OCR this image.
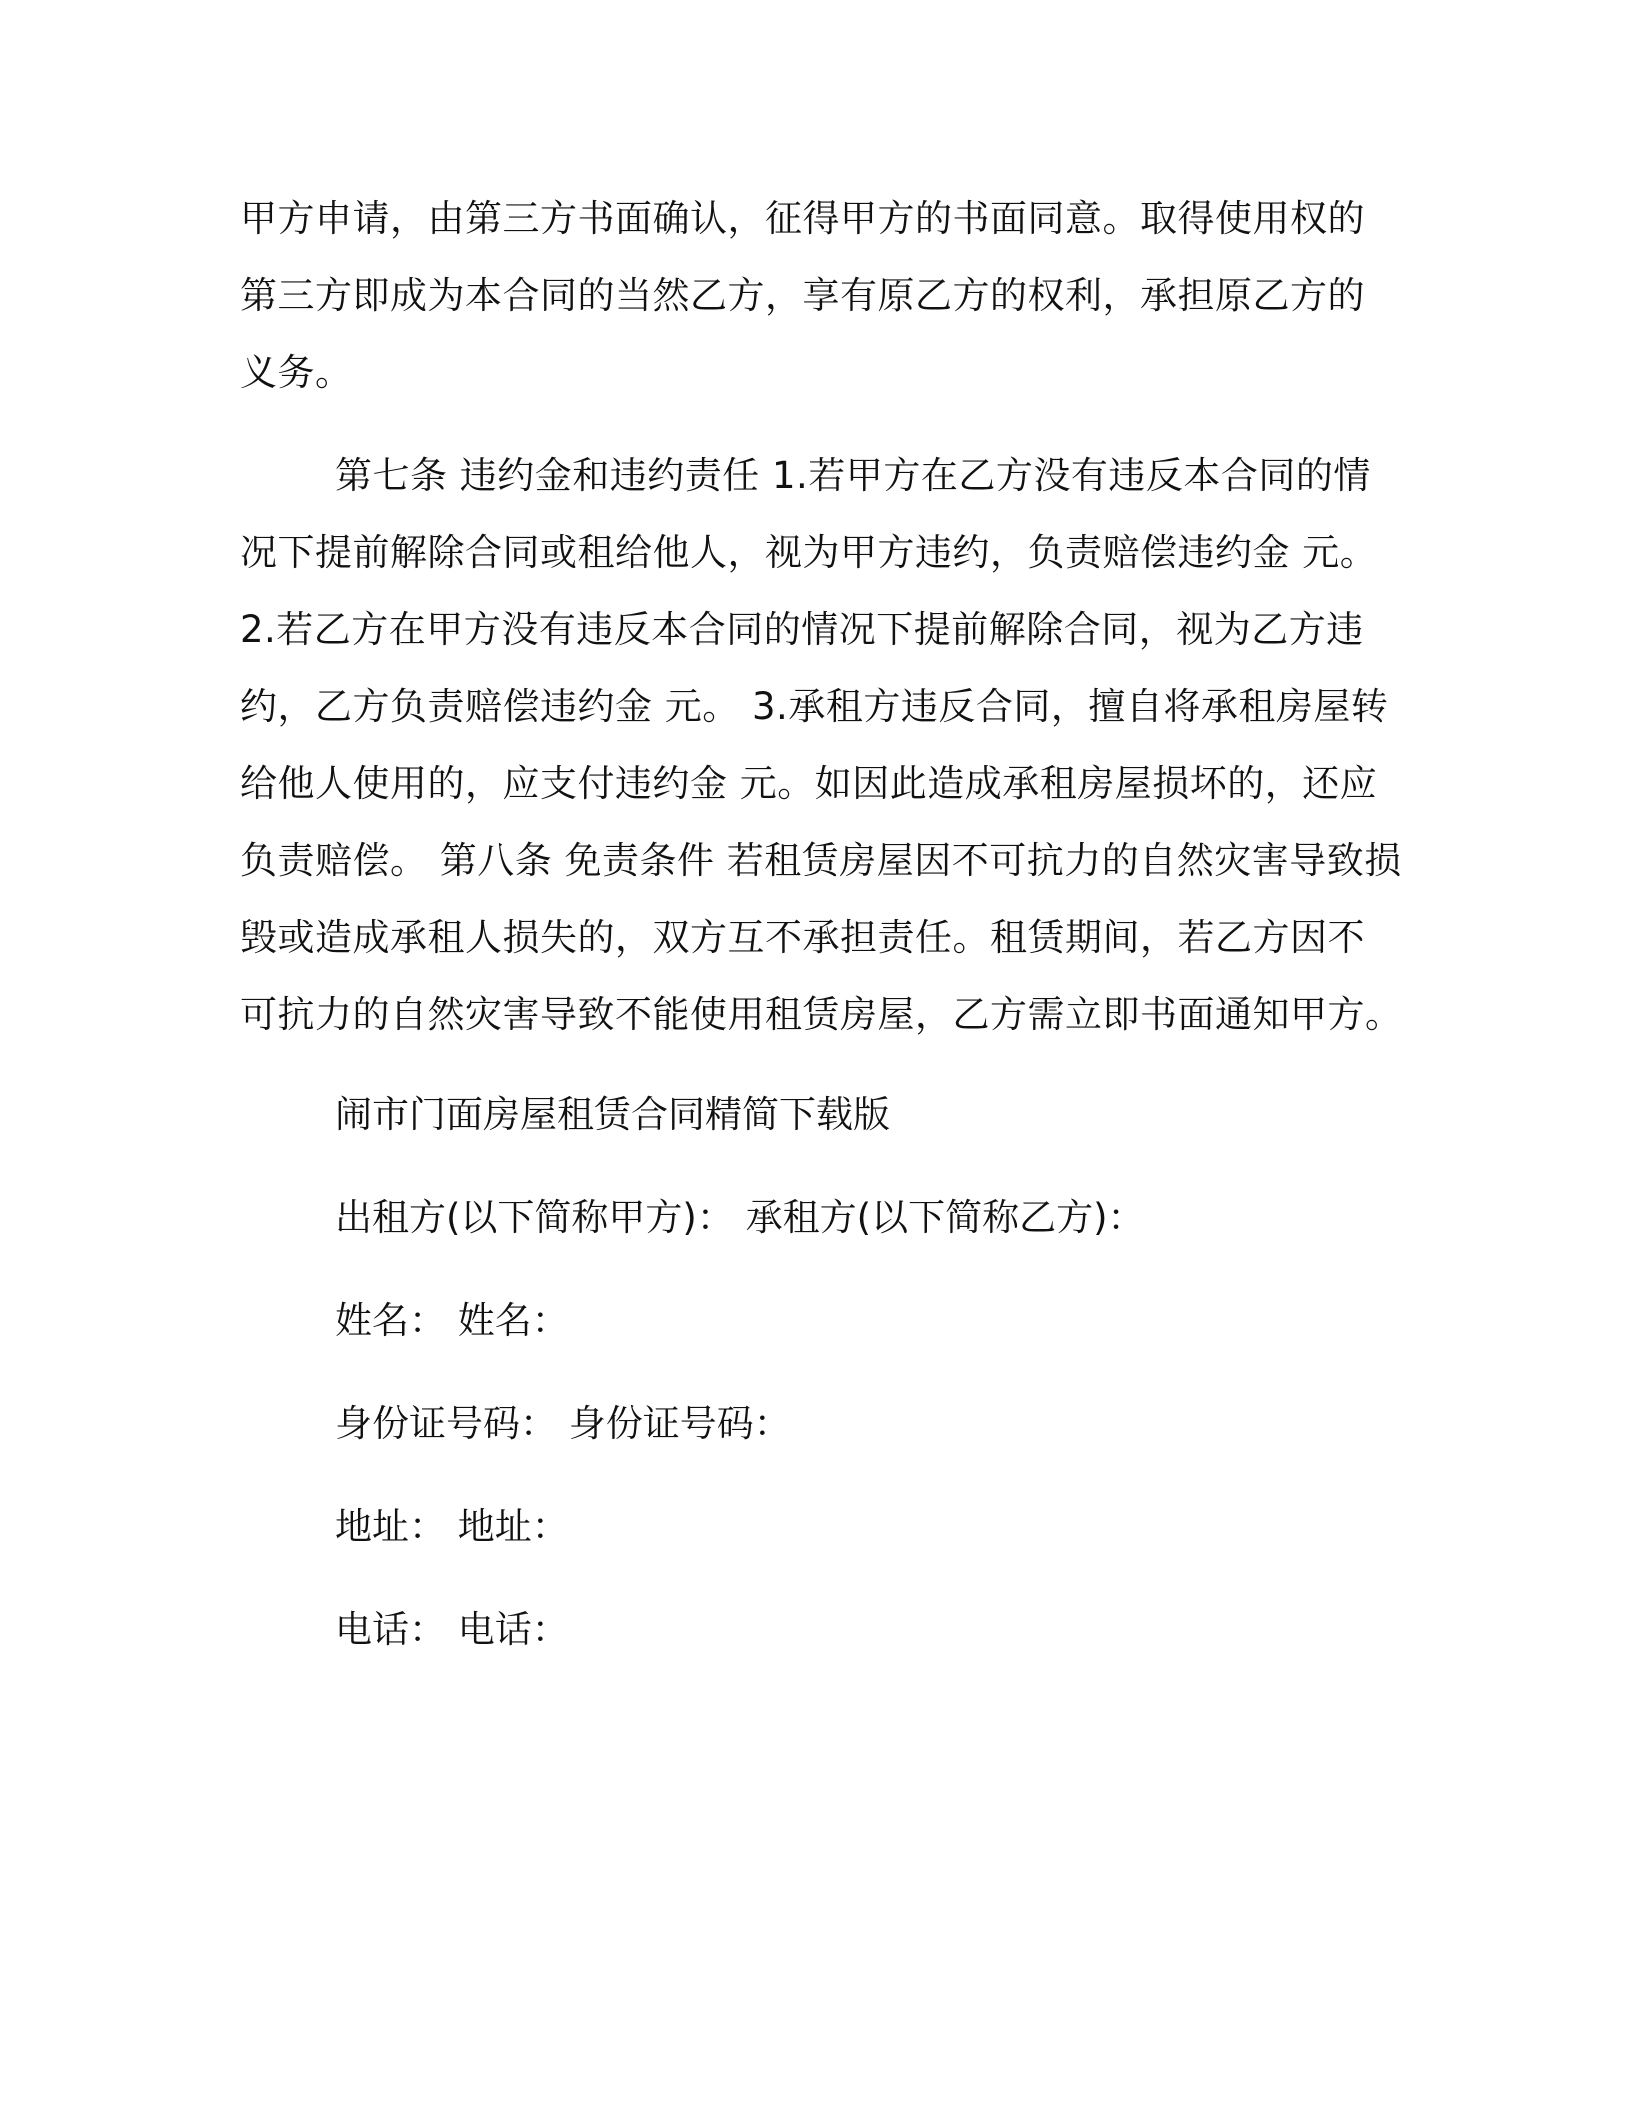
甲方申请，由第三方书面确认，征得甲方的书面同意。取得使用权的
第三方即成为本合同的当然乙方，享有原乙方的权利，承担原乙方的
义务。

第七条 违约金和违约责任 1.若甲方在乙方没有违反本合同的情
况下提前解除合同或租给他人，视为甲方违约，负责赔偿违约金 元。
2.若乙方在甲方没有违反本合同的情况下提前解除合同，视为乙方违
约，乙方负责赔偿违约金 元。 3.承租方违反合同，擅自将承租房屋转
给他人使用的，应支付违约金 元。如因此造成承租房屋损坏的，还应
负责赔偿。 第八条 免责条件 若租赁房屋因不可抗力的自然灾害导致损
毁或造成承租人损失的，双方互不承担责任。租赁期间，若乙方因不
可抗力的自然灾害导致不能使用租赁房屋，乙方需立即书面通知甲方。

闹市门面房屋租赁合同精简下载版

出租方(以下简称甲方)： 承租方(以下简称乙方)：

姓名： 姓名：

身份证号码： 身份证号码：

地址： 地址：

电话： 电话：
